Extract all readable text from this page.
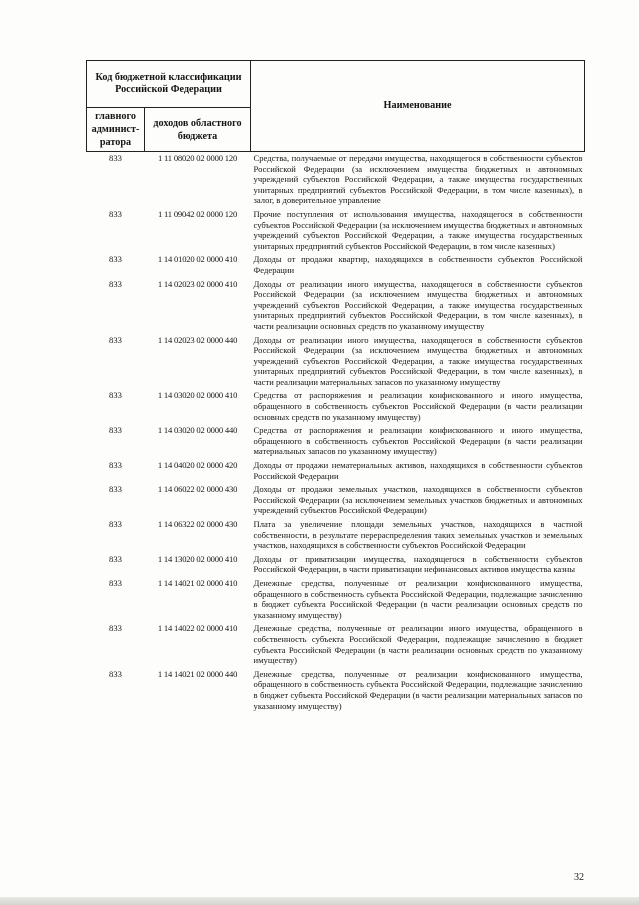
Код бюджетной классификации Российской Федерации		Наименование
главного админист-ратора	доходов областного бюджета	
833	1 11 08020 02 0000 120	Средства, получаемые от передачи имущества, находящегося в собственности субъектов Российской Федерации (за исключением имущества бюджетных и автономных учреждений субъектов Российской Федерации, а также имущества государственных унитарных предприятий субъектов Российской Федерации, в том числе казенных), в залог, в доверительное управление
833	1 11 09042 02 0000 120	Прочие поступления от использования имущества, находящегося в собственности субъектов Российской Федерации (за исключением имущества бюджетных и автономных учреждений субъектов Российской Федерации, а также имущества государственных унитарных предприятий субъектов Российской Федерации, в том числе казенных)
833	1 14 01020 02 0000 410	Доходы от продажи квартир, находящихся в собственности субъектов Российской Федерации
833	1 14 02023 02 0000 410	Доходы от реализации иного имущества, находящегося в собственности субъектов Российской Федерации (за исключением имущества бюджетных и автономных учреждений субъектов Российской Федерации, а также имущества государственных унитарных предприятий субъектов Российской Федерации, в том числе казенных), в части реализации основных средств по указанному имуществу
833	1 14 02023 02 0000 440	Доходы от реализации иного имущества, находящегося в собственности субъектов Российской Федерации (за исключением имущества бюджетных и автономных учреждений субъектов Российской Федерации, а также имущества государственных унитарных предприятий субъектов Российской Федерации, в том числе казенных), в части реализации материальных запасов по указанному имуществу
833	1 14 03020 02 0000 410	Средства от распоряжения и реализации конфискованного и иного имущества, обращенного в собственность субъектов Российской Федерации (в части реализации основных средств по указанному имуществу)
833	1 14 03020 02 0000 440	Средства от распоряжения и реализации конфискованного и иного имущества, обращенного в собственность субъектов Российской Федерации (в части реализации материальных запасов по указанному имуществу)
833	1 14 04020 02 0000 420	Доходы от продажи нематериальных активов, находящихся в собственности субъектов Российской Федерации
833	1 14 06022 02 0000 430	Доходы от продажи земельных участков, находящихся в собственности субъектов Российской Федерации (за исключением земельных участков бюджетных и автономных учреждений субъектов Российской Федерации)
833	1 14 06322 02 0000 430	Плата за увеличение площади земельных участков, находящихся в частной собственности, в результате перераспределения таких земельных участков и земельных участков, находящихся в собственности субъектов Российской Федерации
833	1 14 13020 02 0000 410	Доходы от приватизации имущества, находящегося в собственности субъектов Российской Федерации, в части приватизации нефинансовых активов имущества казны
833	1 14 14021 02 0000 410	Денежные средства, полученные от реализации конфискованного имущества, обращенного в собственность субъекта Российской Федерации, подлежащие зачислению в бюджет субъекта Российской Федерации (в части реализации основных средств по указанному имуществу)
833	1 14 14022 02 0000 410	Денежные средства, полученные от реализации иного имущества, обращенного в собственность субъекта Российской Федерации, подлежащие зачислению в бюджет субъекта Российской Федерации (в части реализации основных средств по указанному имуществу)
833	1 14 14021 02 0000 440	Денежные средства, полученные от реализации конфискованного имущества, обращенного в собственность субъекта Российской Федерации, подлежащие зачислению в бюджет субъекта Российской Федерации (в части реализации материальных запасов по указанному имуществу)
32
